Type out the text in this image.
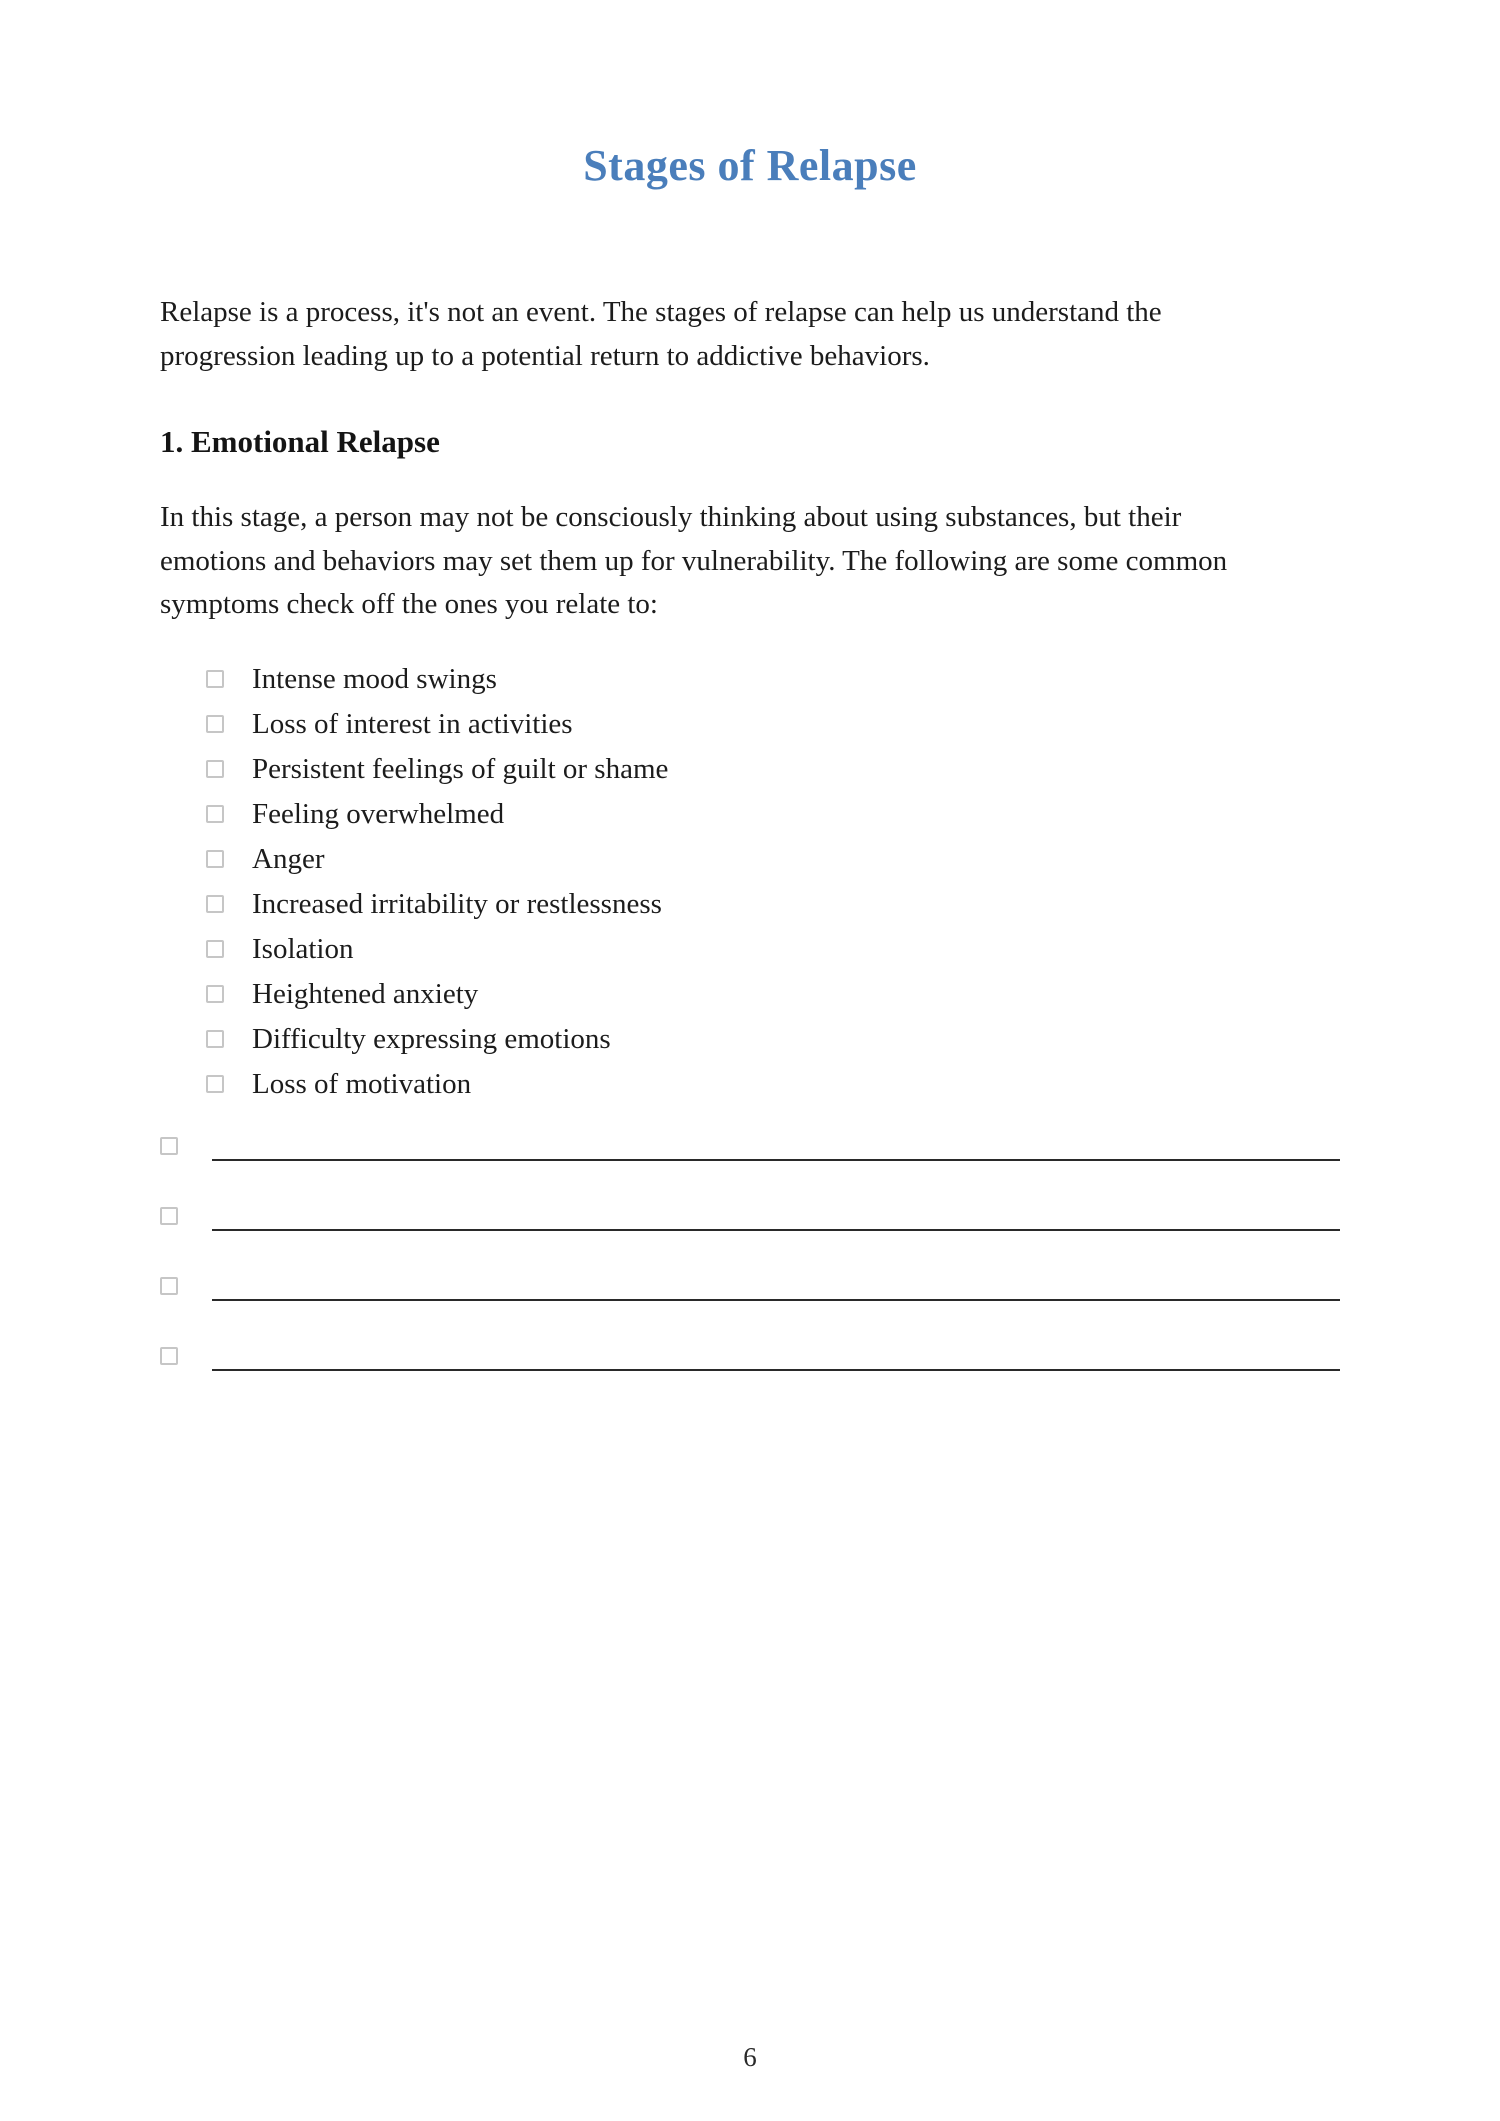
Stages of Relapse

Relapse is a process, it's not an event. The stages of relapse can help us understand the progression leading up to a potential return to addictive behaviors.

1. Emotional Relapse

In this stage, a person may not be consciously thinking about using substances, but their emotions and behaviors may set them up for vulnerability. The following are some common symptoms check off the ones you relate to:

Intense mood swings
Loss of interest in activities
Persistent feelings of guilt or shame
Feeling overwhelmed
Anger
Increased irritability or restlessness
Isolation
Heightened anxiety
Difficulty expressing emotions
Loss of motivation
6
